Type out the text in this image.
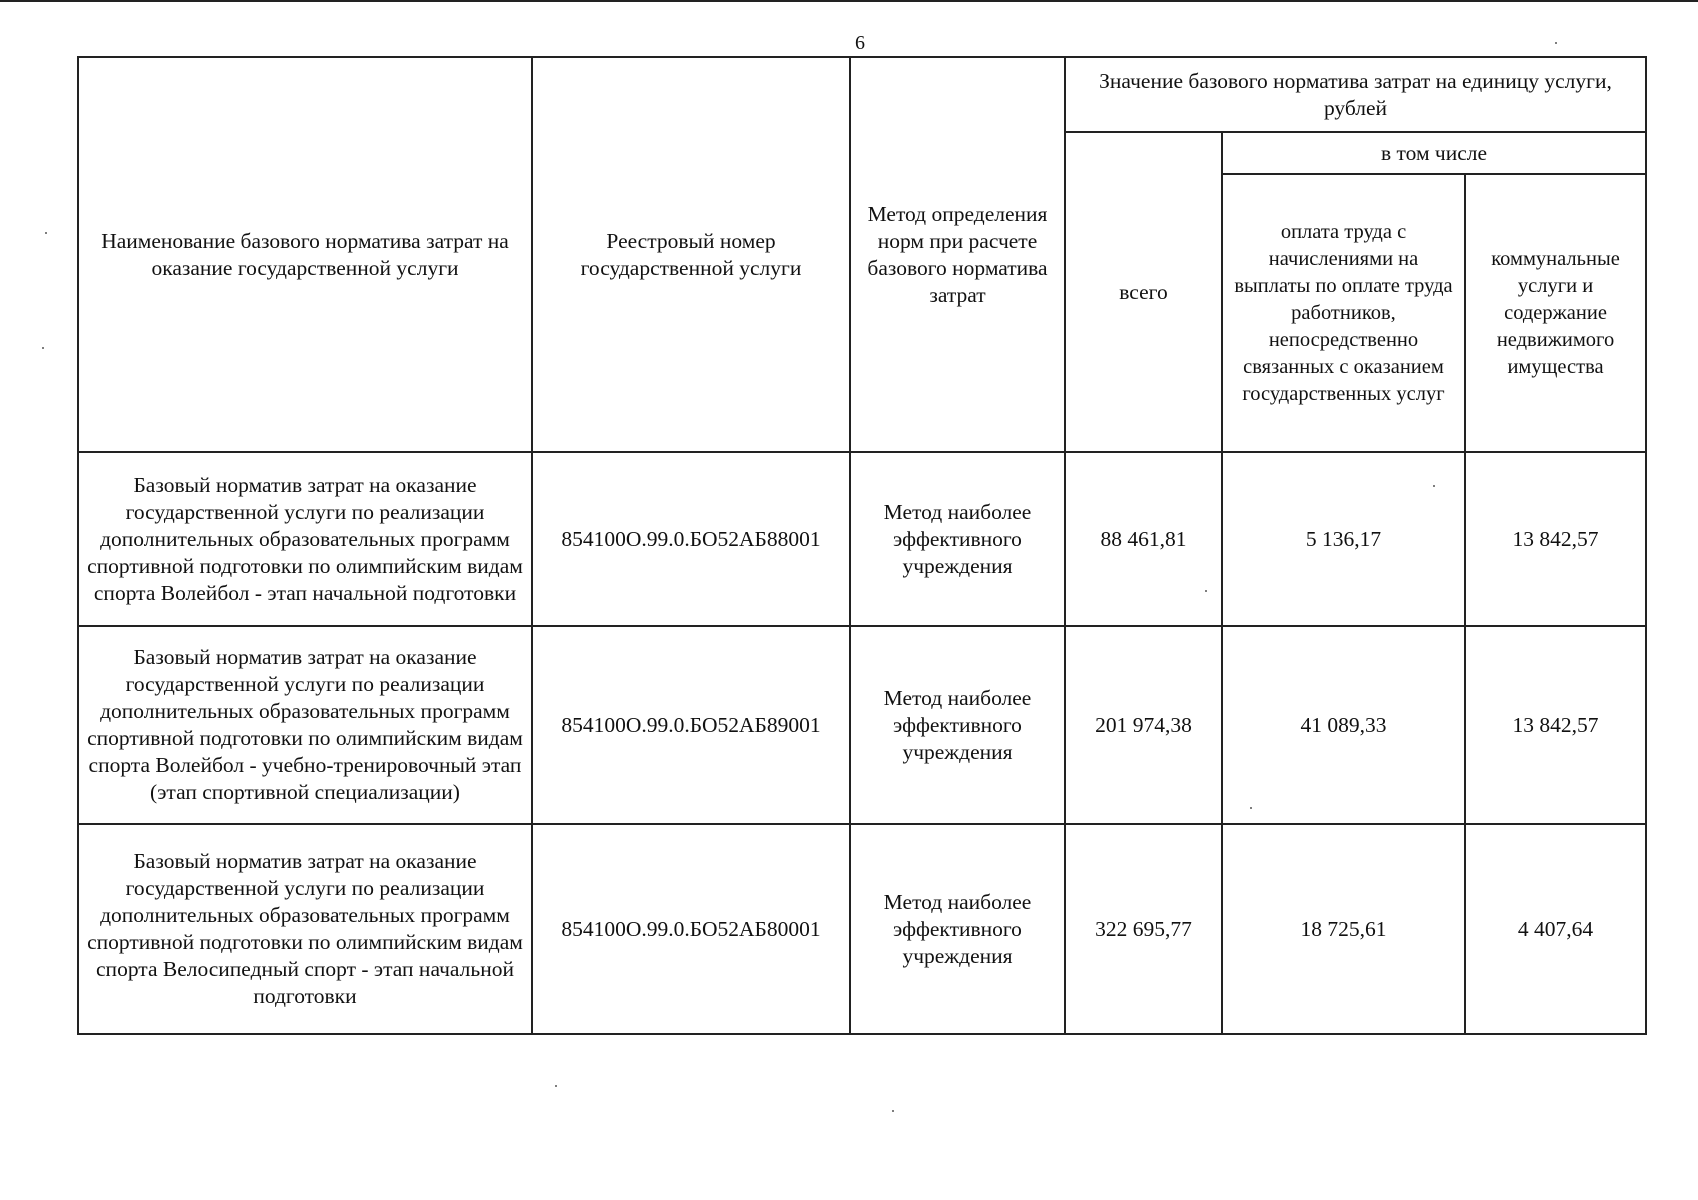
6
Наименование базового норматива затрат на оказание государственной услуги	Реестровый номер государственной услуги	Метод определения норм при расчете базового норматива затрат	Значение базового норматива затрат на единицу услуги, рублей		
			всего	в том числе	
				оплата труда с начислениями на выплаты по оплате труда работников, непосредственно связанных с оказанием государственных услуг	коммунальные услуги и содержание недвижимого имущества
Базовый норматив затрат на оказание государственной услуги по реализации дополнительных образовательных программ спортивной подготовки по олимпийским видам спорта Волейбол - этап начальной подготовки	854100О.99.0.БО52АБ88001	Метод наиболее эффективного учреждения	88 461,81	5 136,17	13 842,57
Базовый норматив затрат на оказание государственной услуги по реализации дополнительных образовательных программ спортивной подготовки по олимпийским видам спорта Волейбол - учебно-тренировочный этап (этап спортивной специализации)	854100О.99.0.БО52АБ89001	Метод наиболее эффективного учреждения	201 974,38	41 089,33	13 842,57
Базовый норматив затрат на оказание государственной услуги по реализации дополнительных образовательных программ спортивной подготовки по олимпийским видам спорта Велосипедный спорт - этап начальной подготовки	854100О.99.0.БО52АБ80001	Метод наиболее эффективного учреждения	322 695,77	18 725,61	4 407,64
